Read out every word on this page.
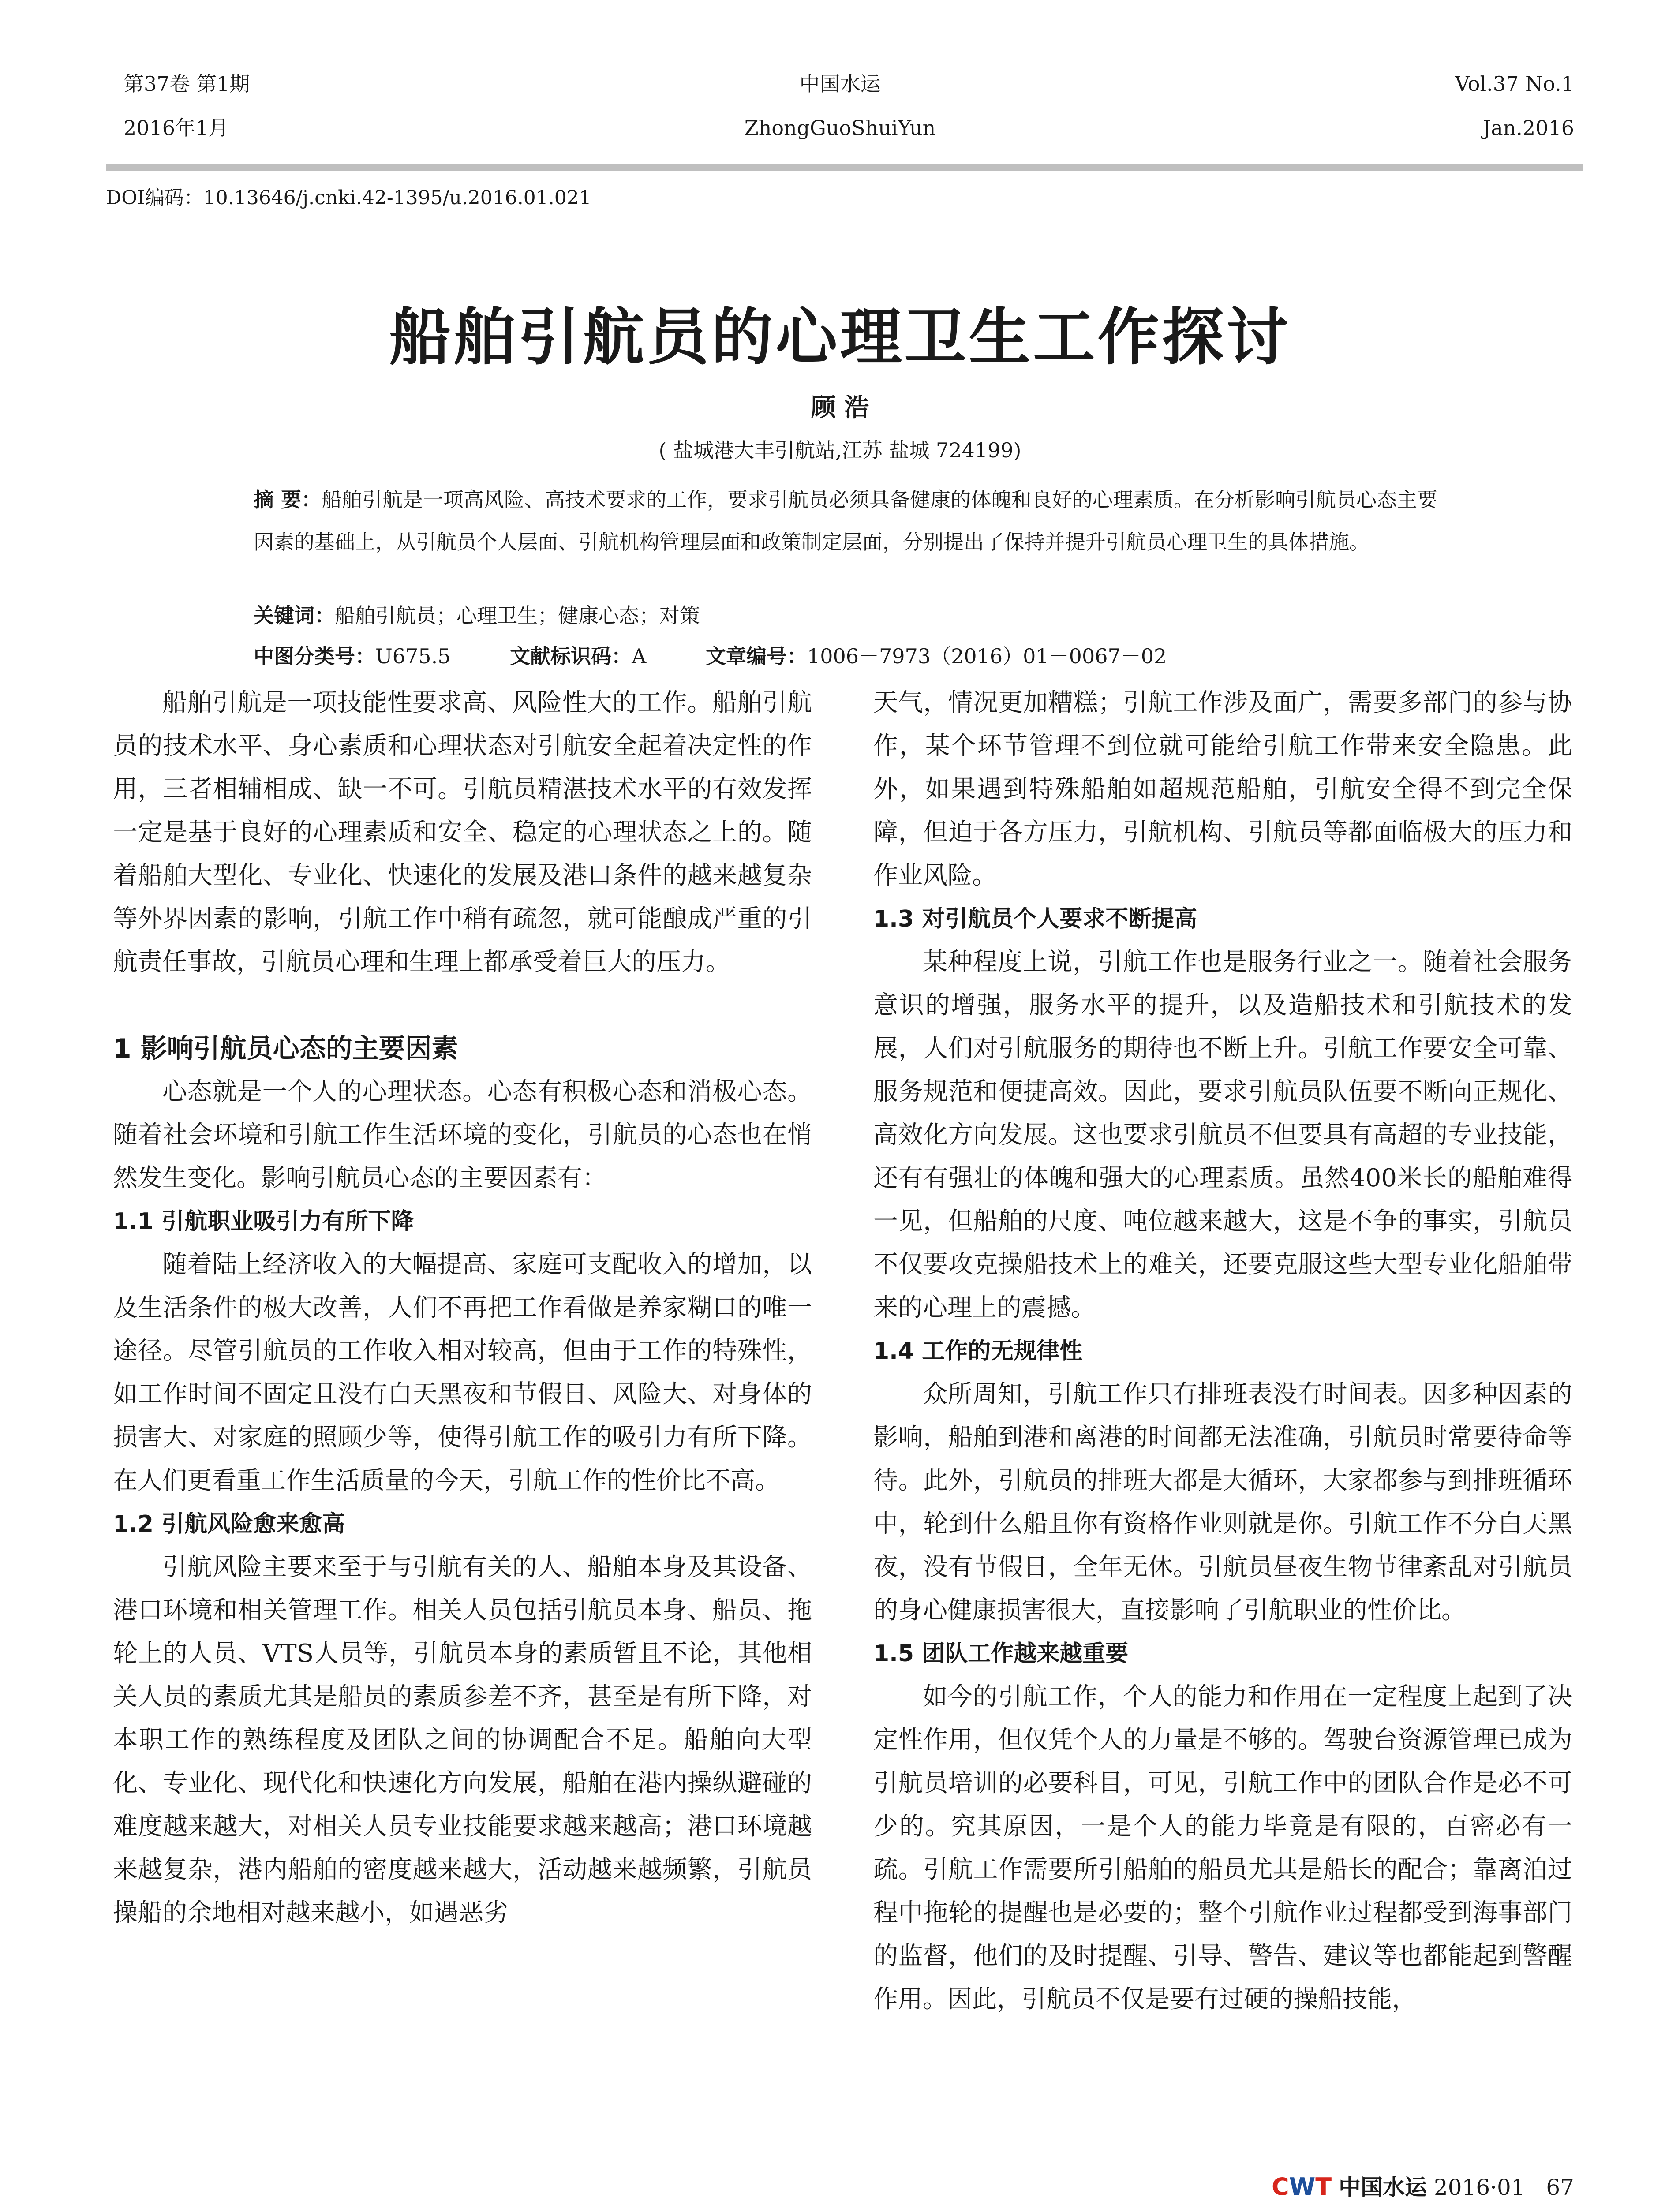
第37卷 第1期
2016年1月
中国水运
ZhongGuoShuiYun
Vol.37 No.1
Jan.2016
DOI编码：10.13646/j.cnki.42-1395/u.2016.01.021
船舶引航员的心理卫生工作探讨
顾 浩
( 盐城港大丰引航站,江苏 盐城 724199)
摘 要：船舶引航是一项高风险、高技术要求的工作，要求引航员必须具备健康的体魄和良好的心理素质。在分析影响引航员心态主要因素的基础上，从引航员个人层面、引航机构管理层面和政策制定层面，分别提出了保持并提升引航员心理卫生的具体措施。
关键词：船舶引航员；心理卫生；健康心态；对策
中图分类号：U675.5	文献标识码：A	文章编号：1006－7973（2016）01－0067－02

船舶引航是一项技能性要求高、风险性大的工作。船舶引航员的技术水平、身心素质和心理状态对引航安全起着决定性的作用，三者相辅相成、缺一不可。引航员精湛技术水平的有效发挥一定是基于良好的心理素质和安全、稳定的心理状态之上的。随着船舶大型化、专业化、快速化的发展及港口条件的越来越复杂等外界因素的影响，引航工作中稍有疏忽，就可能酿成严重的引航责任事故，引航员心理和生理上都承受着巨大的压力。

1 影响引航员心态的主要因素

心态就是一个人的心理状态。心态有积极心态和消极心态。随着社会环境和引航工作生活环境的变化，引航员的心态也在悄然发生变化。影响引航员心态的主要因素有：

1.1 引航职业吸引力有所下降

随着陆上经济收入的大幅提高、家庭可支配收入的增加，以及生活条件的极大改善，人们不再把工作看做是养家糊口的唯一途径。尽管引航员的工作收入相对较高，但由于工作的特殊性，如工作时间不固定且没有白天黑夜和节假日、风险大、对身体的损害大、对家庭的照顾少等，使得引航工作的吸引力有所下降。在人们更看重工作生活质量的今天，引航工作的性价比不高。

1.2 引航风险愈来愈高

引航风险主要来至于与引航有关的人、船舶本身及其设备、港口环境和相关管理工作。相关人员包括引航员本身、船员、拖轮上的人员、VTS人员等，引航员本身的素质暂且不论，其他相关人员的素质尤其是船员的素质参差不齐，甚至是有所下降，对本职工作的熟练程度及团队之间的协调配合不足。船舶向大型化、专业化、现代化和快速化方向发展，船舶在港内操纵避碰的难度越来越大，对相关人员专业技能要求越来越高；港口环境越来越复杂，港内船舶的密度越来越大，活动越来越频繁，引航员操船的余地相对越来越小，如遇恶劣

天气，情况更加糟糕；引航工作涉及面广，需要多部门的参与协作，某个环节管理不到位就可能给引航工作带来安全隐患。此外，如果遇到特殊船舶如超规范船舶，引航安全得不到完全保障，但迫于各方压力，引航机构、引航员等都面临极大的压力和作业风险。

1.3 对引航员个人要求不断提高

某种程度上说，引航工作也是服务行业之一。随着社会服务意识的增强，服务水平的提升，以及造船技术和引航技术的发展，人们对引航服务的期待也不断上升。引航工作要安全可靠、服务规范和便捷高效。因此，要求引航员队伍要不断向正规化、高效化方向发展。这也要求引航员不但要具有高超的专业技能，还有有强壮的体魄和强大的心理素质。虽然400米长的船舶难得一见，但船舶的尺度、吨位越来越大，这是不争的事实，引航员不仅要攻克操船技术上的难关，还要克服这些大型专业化船舶带来的心理上的震撼。

1.4 工作的无规律性

众所周知，引航工作只有排班表没有时间表。因多种因素的影响，船舶到港和离港的时间都无法准确，引航员时常要待命等待。此外，引航员的排班大都是大循环，大家都参与到排班循环中，轮到什么船且你有资格作业则就是你。引航工作不分白天黑夜，没有节假日，全年无休。引航员昼夜生物节律紊乱对引航员的身心健康损害很大，直接影响了引航职业的性价比。

1.5 团队工作越来越重要

如今的引航工作，个人的能力和作用在一定程度上起到了决定性作用，但仅凭个人的力量是不够的。驾驶台资源管理已成为引航员培训的必要科目，可见，引航工作中的团队合作是必不可少的。究其原因，一是个人的能力毕竟是有限的，百密必有一疏。引航工作需要所引船舶的船员尤其是船长的配合；靠离泊过程中拖轮的提醒也是必要的；整个引航作业过程都受到海事部门的监督，他们的及时提醒、引导、警告、建议等也都能起到警醒作用。因此，引航员不仅是要有过硬的操船技能，

CWT 中国水运 2016·01 67
